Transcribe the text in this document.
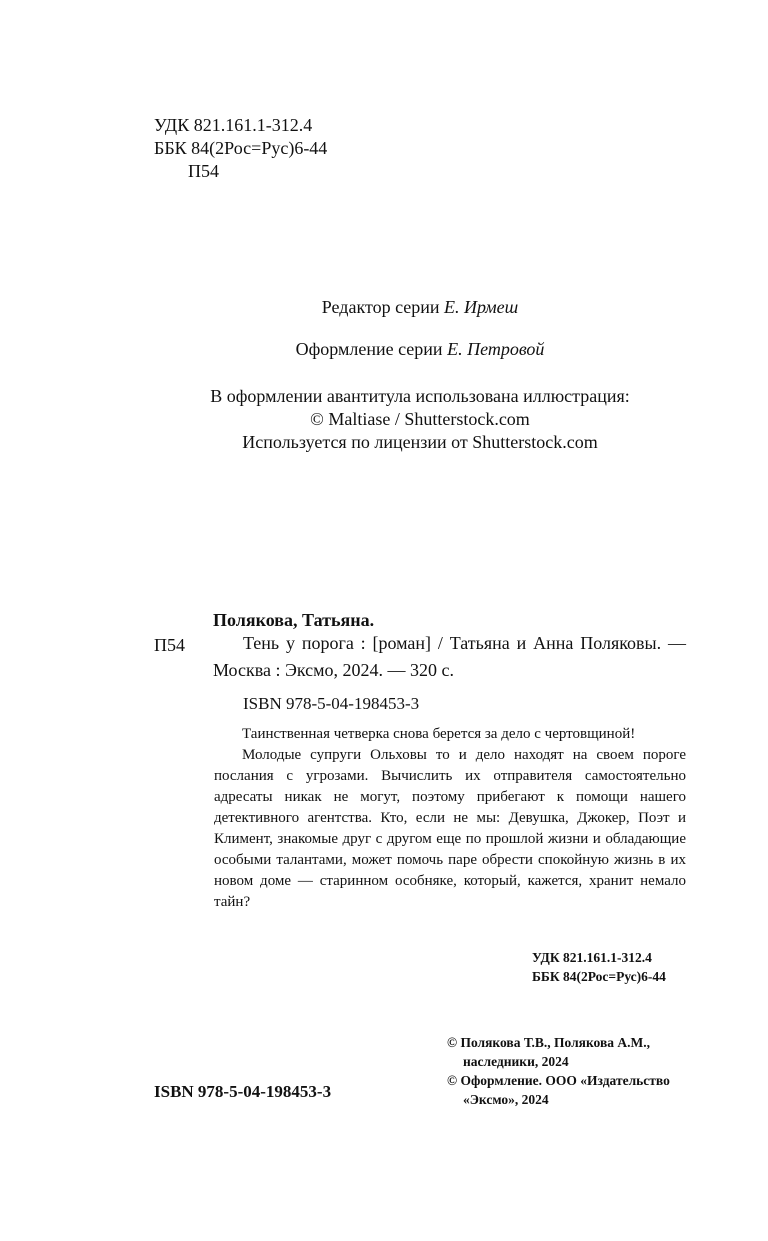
УДК 821.161.1-312.4
ББК 84(2Рос=Рус)6-44
П54
Редактор серии Е. Ирмеш
Оформление серии Е. Петровой
В оформлении авантитула использована иллюстрация:
© Maltiase / Shutterstock.com
Используется по лицензии от Shutterstock.com
Полякова, Татьяна.
П54	Тень у порога : [роман] / Татьяна и Анна Поляковы. — Москва : Эксмо, 2024. — 320 с.
ISBN 978-5-04-198453-3

Таинственная четверка снова берется за дело с чертовщиной!

Молодые супруги Ольховы то и дело находят на своем пороге послания с угрозами. Вычислить их отправителя самостоятельно адресаты никак не могут, поэтому прибегают к помощи нашего детективного агентства. Кто, если не мы: Девушка, Джокер, Поэт и Климент, знакомые друг с другом еще по прошлой жизни и обладающие особыми талантами, может помочь паре обрести спокойную жизнь в их новом доме — старинном особняке, который, кажется, хранит немало тайн?

УДК 821.161.1-312.4
ББК 84(2Рос=Рус)6-44
© Полякова Т.В., Полякова А.М.,
наследники, 2024
© Оформление. ООО «Издательство
«Эксмо», 2024
ISBN 978-5-04-198453-3
